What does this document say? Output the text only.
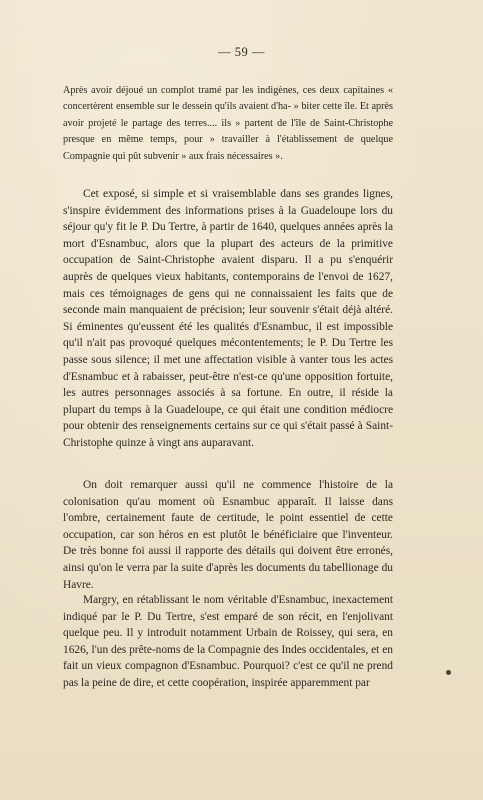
— 59 —

Après avoir déjoué un complot tramé par les indigènes, ces deux capitaines « concertèrent ensemble sur le dessein qu'ils avaient d'ha- » biter cette île. Et après avoir projeté le partage des terres.... ils » partent de l'île de Saint-Christophe presque en même temps, pour » travailler à l'établissement de quelque Compagnie qui pût subvenir » aux frais nécessaires ».

Cet exposé, si simple et si vraisemblable dans ses grandes lignes, s'inspire évidemment des informations prises à la Guadeloupe lors du séjour qu'y fit le P. Du Tertre, à partir de 1640, quelques années après la mort d'Esnambuc, alors que la plupart des acteurs de la primitive occupation de Saint-Christophe avaient disparu. Il a pu s'enquérir auprès de quelques vieux habitants, contemporains de l'envoi de 1627, mais ces témoignages de gens qui ne connaissaient les faits que de seconde main manquaient de précision; leur souvenir s'était déjà altéré. Si éminentes qu'eussent été les qualités d'Esnambuc, il est impossible qu'il n'ait pas provoqué quelques mécontentements; le P. Du Tertre les passe sous silence; il met une affectation visible à vanter tous les actes d'Esnambuc et à rabaisser, peut-être n'est-ce qu'une opposition fortuite, les autres personnages associés à sa fortune. En outre, il réside la plupart du temps à la Guadeloupe, ce qui était une condition médiocre pour obtenir des renseignements certains sur ce qui s'était passé à Saint-Christophe quinze à vingt ans auparavant.

On doit remarquer aussi qu'il ne commence l'histoire de la colonisation qu'au moment où Esnambuc apparaît. Il laisse dans l'ombre, certainement faute de certitude, le point essentiel de cette occupation, car son héros en est plutôt le bénéficiaire que l'inventeur. De très bonne foi aussi il rapporte des détails qui doivent être erronés, ainsi qu'on le verra par la suite d'après les documents du tabellionage du Havre.

Margry, en rétablissant le nom véritable d'Esnambuc, inexactement indiqué par le P. Du Tertre, s'est emparé de son récit, en l'enjolivant quelque peu. Il y introduit notamment Urbain de Roissey, qui sera, en 1626, l'un des prête-noms de la Compagnie des Indes occidentales, et en fait un vieux compagnon d'Esnambuc. Pourquoi? c'est ce qu'il ne prend pas la peine de dire, et cette coopération, inspirée apparemment par
